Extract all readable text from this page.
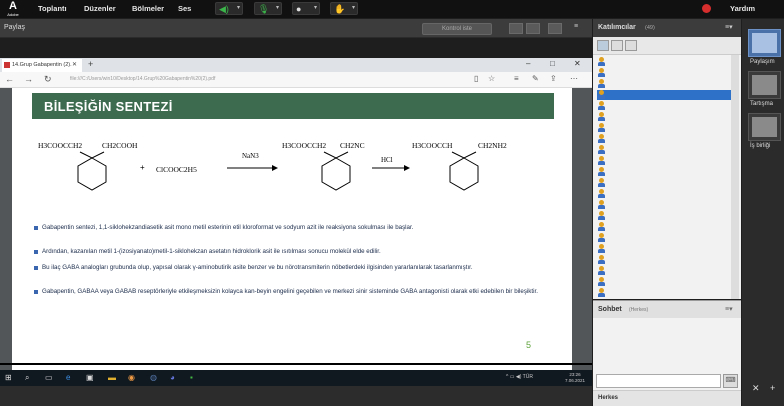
A
Adobe
Toplantı Düzenler Bölmeler Ses	◀) ▾ 🎙 ▾ ● ▾ ✋ ▾	Yardım
Paylaş	Kontrol iste	≡
14.Grup Gabapentin (2). ✕ +	– □ ✕
← → ↻	file:///C:/Users/win10/Desktop/14.Grup%20Gabapentin%20(2).pdf	▯ ☆ ≡ ✎ ⇪ ⋯
BİLEŞİĞİN SENTEZİ
H3COOCCH2	CH2COOH
+ ClCOOC2H5
NaN3
H3COOCCH2 CH2NC
HCl
H3COOCCH	CH2NH2
Gabapentin sentezi, 1,1-siklohekzandiasetik asit mono metil esterinin etil kloroformat ve sodyum azit ile reaksiyona sokulması ile başlar.
Ardından, kazanılan metil 1-(izosiyanato)metil-1-siklohekzan asetatın hidroklorik asit ile ısıtılması sonucu molekül elde edilir.
Bu ilaç GABA analogları grubunda olup, yapısal olarak γ-aminobutirik asite benzer ve bu nörotransmiterin nöbetlerdeki ilgisinden yararlanılarak tasarlanmıştır.
Gabapentin, GABAA veya GABAB reseptörleriyle etkileşmeksizin kolayca kan-beyin engelini geçebilen ve merkezi sinir sisteminde GABA antagonisti olarak etki edebilen bir bileşiktir.
5
⊞ ⌕ ▭ e ▣ ▬ ◉ ◍ ◕ ▪	^ ▭ ◀) TÜR	23:26
7.06.2021
Katılımcılar (49)	≡▾
Sohbet (Herkes)	≡▾
⌨
Herkes
Paylaşım
Tartışma
İş birliği
✕ +
